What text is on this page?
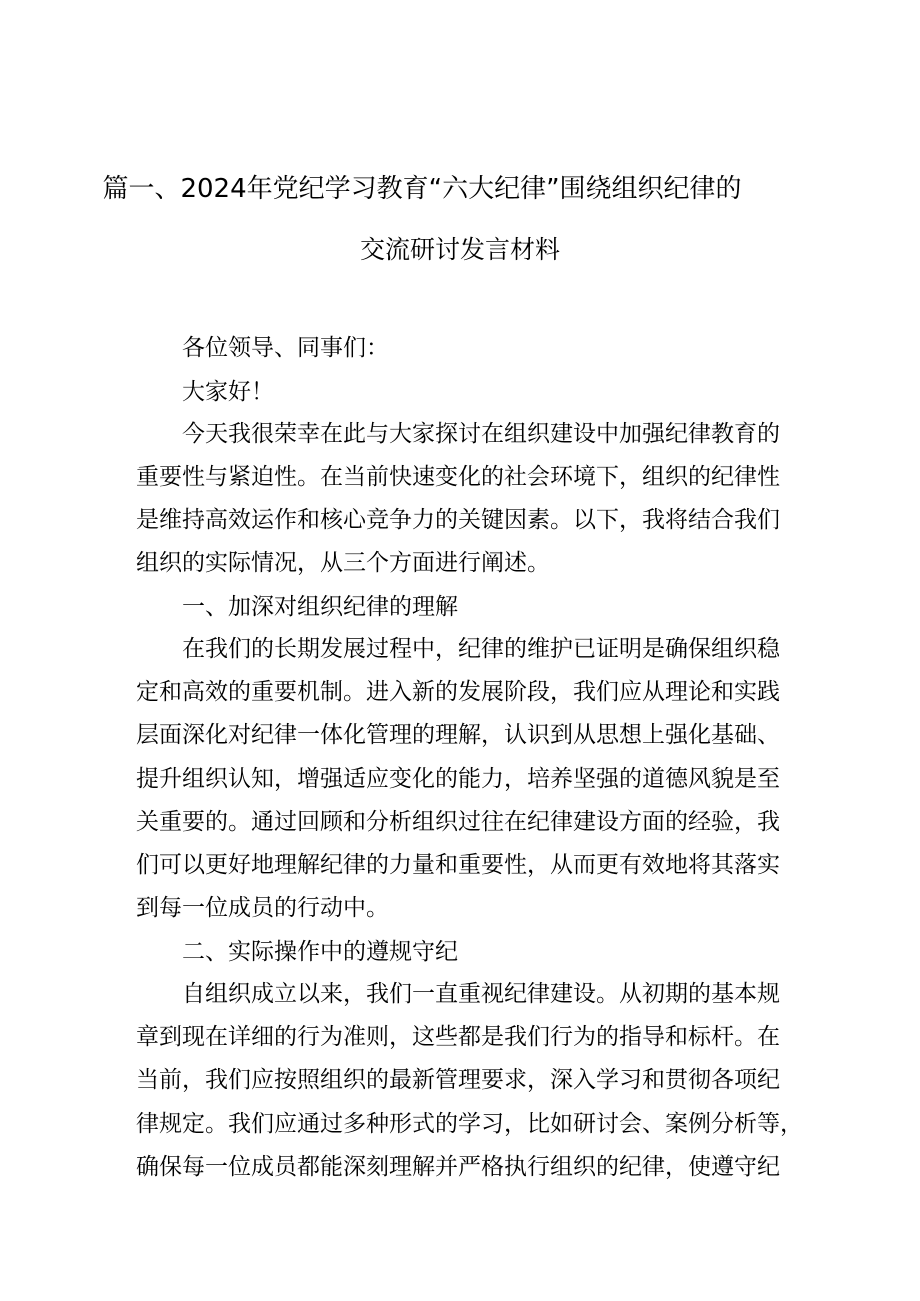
篇一、2024年党纪学习教育“六大纪律”围绕组织纪律的
交流研讨发言材料
各位领导、同事们：
大家好！
今天我很荣幸在此与大家探讨在组织建设中加强纪律教育的
重要性与紧迫性。在当前快速变化的社会环境下，组织的纪律性
是维持高效运作和核心竞争力的关键因素。以下，我将结合我们
组织的实际情况，从三个方面进行阐述。
一、加深对组织纪律的理解
在我们的长期发展过程中，纪律的维护已证明是确保组织稳
定和高效的重要机制。进入新的发展阶段，我们应从理论和实践
层面深化对纪律一体化管理的理解，认识到从思想上强化基础、
提升组织认知，增强适应变化的能力，培养坚强的道德风貌是至
关重要的。通过回顾和分析组织过往在纪律建设方面的经验，我
们可以更好地理解纪律的力量和重要性，从而更有效地将其落实
到每一位成员的行动中。
二、实际操作中的遵规守纪
自组织成立以来，我们一直重视纪律建设。从初期的基本规
章到现在详细的行为准则，这些都是我们行为的指导和标杆。在
当前，我们应按照组织的最新管理要求，深入学习和贯彻各项纪
律规定。我们应通过多种形式的学习，比如研讨会、案例分析等，
确保每一位成员都能深刻理解并严格执行组织的纪律，使遵守纪
